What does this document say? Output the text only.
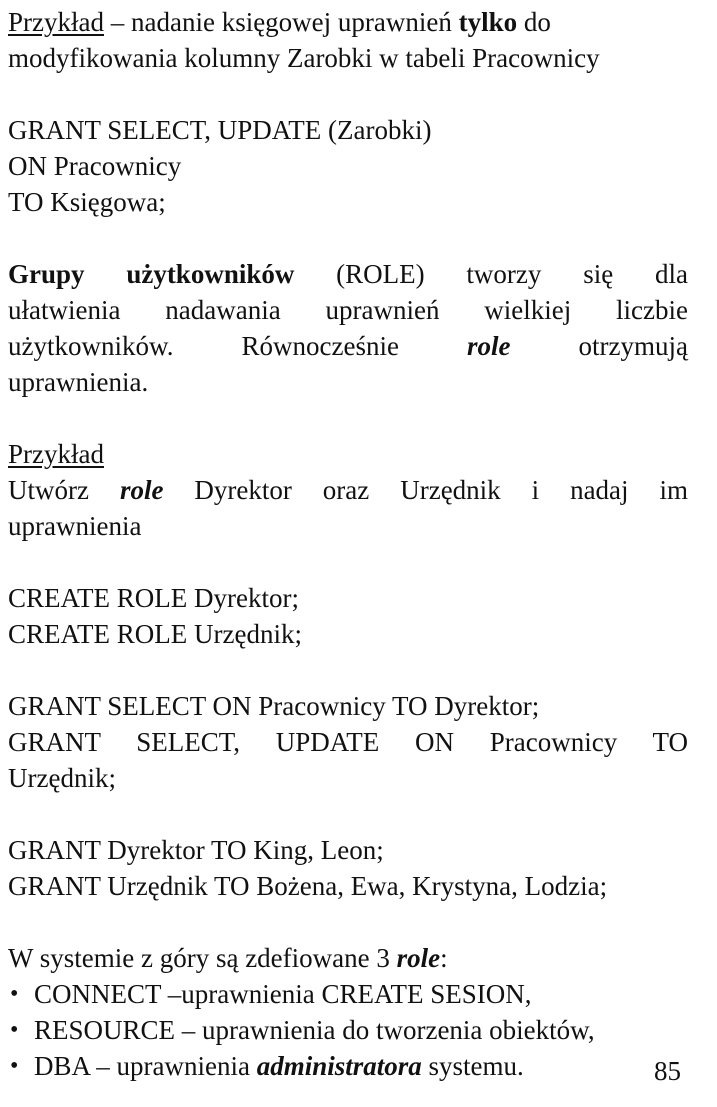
Przykład – nadanie księgowej uprawnień tylko do
modyfikowania kolumny Zarobki w tabeli Pracownicy
GRANT SELECT, UPDATE (Zarobki)
ON Pracownicy
TO Księgowa;
Grupy użytkowników (ROLE) tworzy się dla
ułatwienia nadawania uprawnień wielkiej liczbie
użytkowników. Równocześnie role otrzymują
uprawnienia.
Przykład
Utwórz role Dyrektor oraz Urzędnik i nadaj im
uprawnienia
CREATE ROLE Dyrektor;
CREATE ROLE Urzędnik;
GRANT SELECT ON Pracownicy TO Dyrektor;
GRANT SELECT, UPDATE ON Pracownicy TO
Urzędnik;
GRANT Dyrektor TO King, Leon;
GRANT Urzędnik TO Bożena, Ewa, Krystyna, Lodzia;
W systemie z góry są zdefiowane 3 role:
• CONNECT –uprawnienia CREATE SESION,
• RESOURCE – uprawnienia do tworzenia obiektów,
• DBA – uprawnienia administratora systemu.	85
